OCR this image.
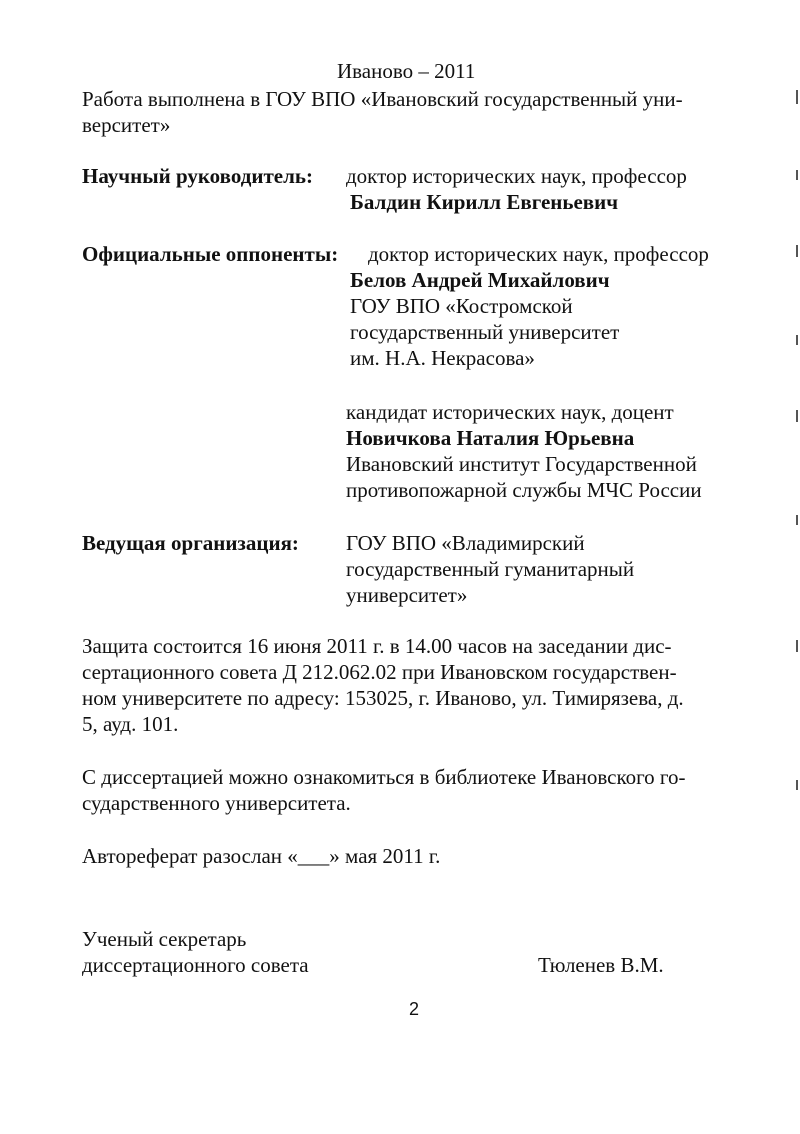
Иваново – 2011
Работа выполнена в ГОУ ВПО «Ивановский государственный уни-
верситет»
Научный руководитель: доктор исторических наук, профессор
Балдин Кирилл Евгеньевич
Официальные оппоненты: доктор исторических наук, профессор
Белов Андрей Михайлович
ГОУ ВПО «Костромской
государственный университет
им. Н.А. Некрасова»
кандидат исторических наук, доцент
Новичкова Наталия Юрьевна
Ивановский институт Государственной
противопожарной службы МЧС России
Ведущая организация: ГОУ ВПО «Владимирский
государственный гуманитарный
университет»
Защита состоится 16 июня 2011 г. в 14.00 часов на заседании дис-
сертационного совета Д 212.062.02 при Ивановском государствен-
ном университете по адресу: 153025, г. Иваново, ул. Тимирязева, д.
5, ауд. 101.
С диссертацией можно ознакомиться в библиотеке Ивановского го-
сударственного университета.
Автореферат разослан «___» мая 2011 г.
Ученый секретарь
диссертационного совета	Тюленев В.М.
2
